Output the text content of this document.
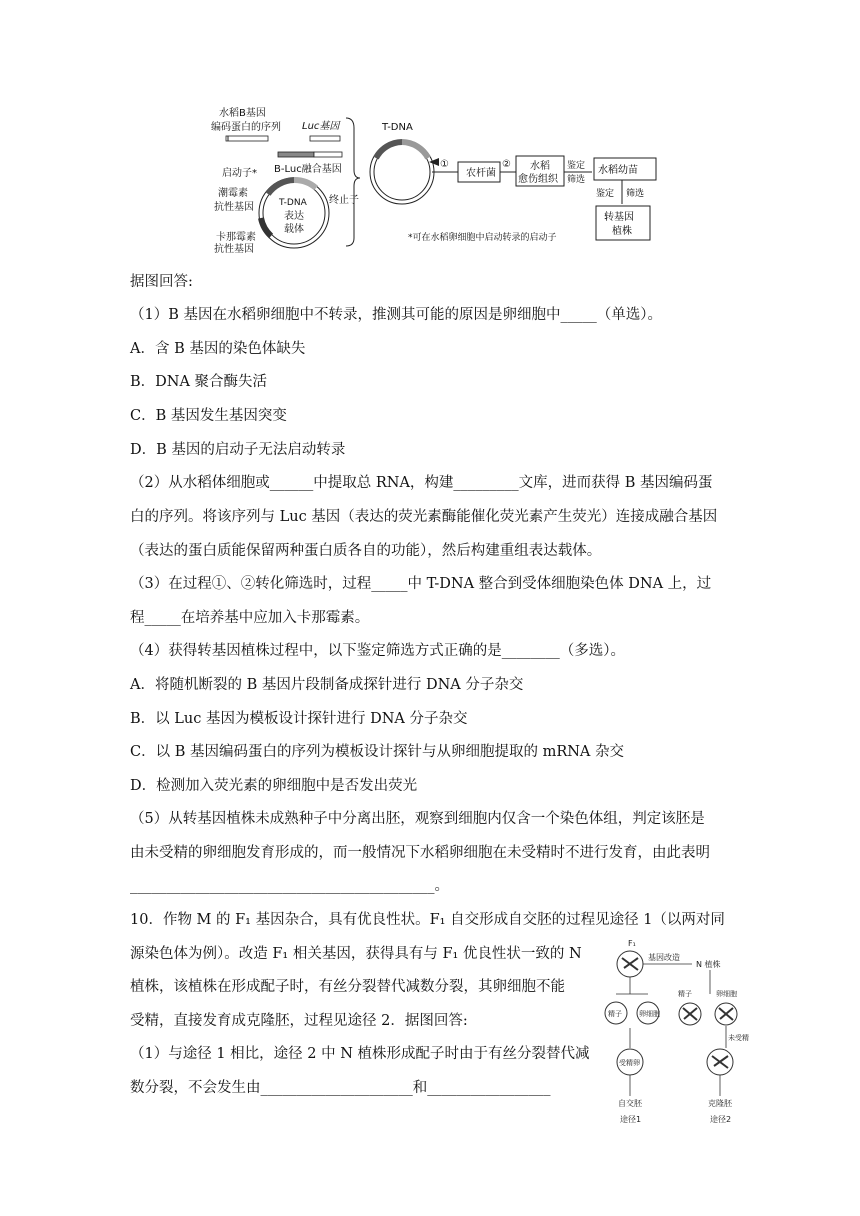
水稻B基因
编码蛋白的序列 Luc基因
B-Luc融合基因
启动子*
潮霉素
抗性基因
卡那霉素
抗性基因
T-DNA
表达
载体
终止子
T-DNA
①
农杆菌
② 水稻
愈伤组织
鉴定
筛选
*可在水稻卵细胞中启动转录的启动子
水稻幼苗
鉴定 筛选
转基因
植株
据图回答:
（1）B 基因在水稻卵细胞中不转录，推测其可能的原因是卵细胞中_____（单选）。
A．含 B 基因的染色体缺失
B．DNA 聚合酶失活
C．B 基因发生基因突变
D．B 基因的启动子无法启动转录
（2）从水稻体细胞或______中提取总 RNA，构建_________文库，进而获得 B 基因编码蛋
白的序列。将该序列与 Luc 基因（表达的荧光素酶能催化荧光素产生荧光）连接成融合基因
（表达的蛋白质能保留两种蛋白质各自的功能），然后构建重组表达载体。
（3）在过程①、②转化筛选时，过程_____中 T-DNA 整合到受体细胞染色体 DNA 上，过
程_____在培养基中应加入卡那霉素。
（4）获得转基因植株过程中，以下鉴定筛选方式正确的是________（多选）。
A．将随机断裂的 B 基因片段制备成探针进行 DNA 分子杂交
B．以 Luc 基因为模板设计探针进行 DNA 分子杂交
C．以 B 基因编码蛋白的序列为模板设计探针与从卵细胞提取的 mRNA 杂交
D．检测加入荧光素的卵细胞中是否发出荧光
（5）从转基因植株未成熟种子中分离出胚，观察到细胞内仅含一个染色体组，判定该胚是
由未受精的卵细胞发育形成的，而一般情况下水稻卵细胞在未受精时不进行发育，由此表明
__________________________________________。
10．作物 M 的 F₁ 基因杂合，具有优良性状。F₁ 自交形成自交胚的过程见途径 1（以两对同
源染色体为例）。改造 F₁ 相关基因，获得具有与 F₁ 优良性状一致的 N
植株，该植株在形成配子时，有丝分裂替代减数分裂，其卵细胞不能
受精，直接发育成克隆胚，过程见途径 2．据图回答:
（1）与途径 1 相比，途径 2 中 N 植株形成配子时由于有丝分裂替代减
数分裂，不会发生由_____________________和_________________
F₁
基因改造
N 植株
精子 卵细胞
受精卵
自交胚
途径1
精子	卵细胞
未受精
克隆胚
途径2
